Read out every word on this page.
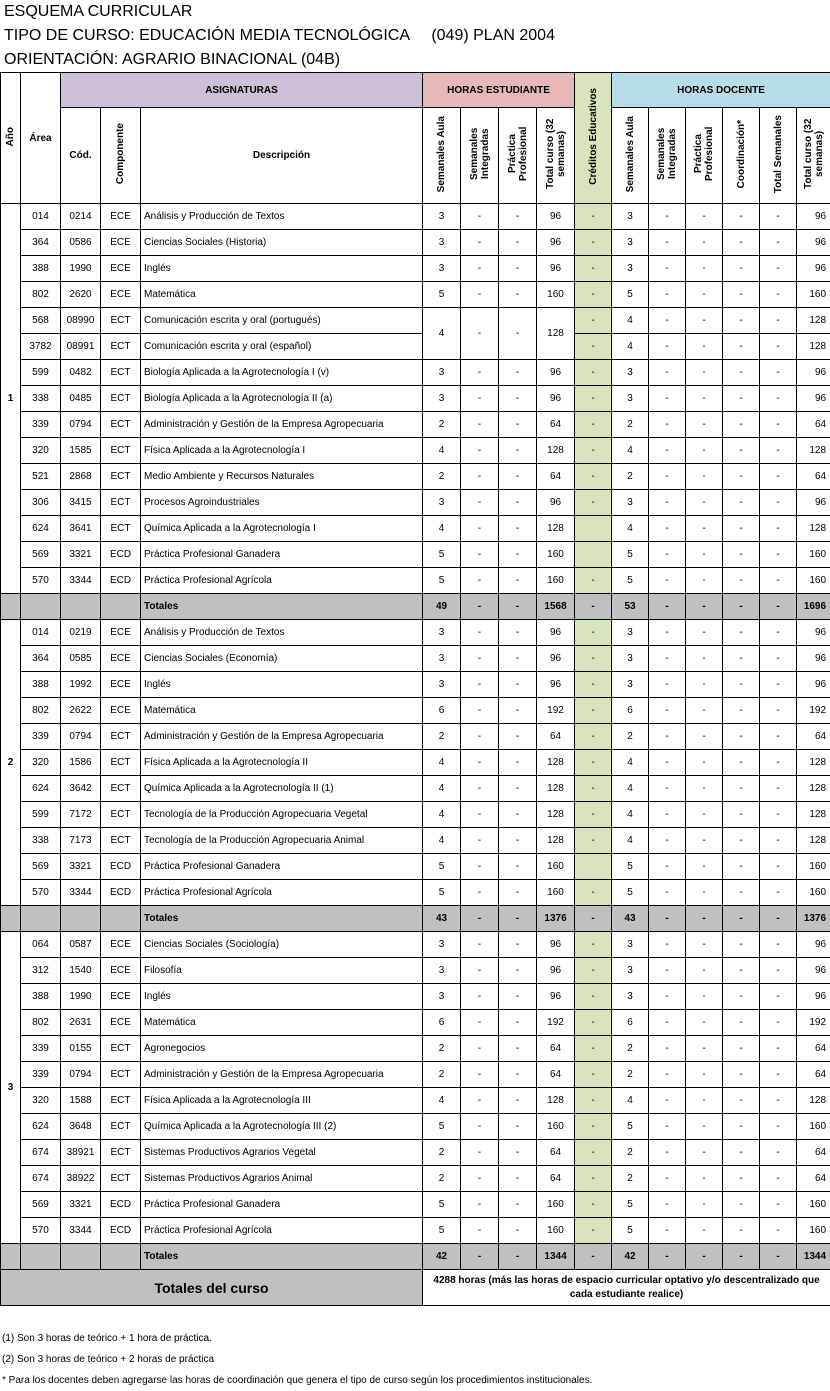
ESQUEMA CURRICULAR
TIPO DE CURSO: EDUCACIÓN MEDIA TECNOLÓGICA     (049) PLAN 2004
ORIENTACIÓN: AGRARIO BINACIONAL (04B)
Año	Área	ASIGNATURAS			HORAS ESTUDIANTE				Créditos Educativos	HORAS DOCENTE					
		Cód.	Componente	Descripción	Semanales Aula	Semanales Integradas	Práctica Profesional	Total curso (32 semanas)		Semanales Aula	Semanales Integradas	Práctica Profesional	Coordinación*	Total Semanales	Total curso (32 semanas)
1	014	0214	ECE	Análisis y Producción de Textos	3	-	-	96	-	3	-	-	-	-	96
	364	0586	ECE	Ciencias Sociales (Historia)	3	-	-	96	-	3	-	-	-	-	96
	388	1990	ECE	Inglés	3	-	-	96	-	3	-	-	-	-	96
	802	2620	ECE	Matemática	5	-	-	160	-	5	-	-	-	-	160
	568	08990	ECT	Comunicación escrita y oral (portugués)	4	-	-	128	-	4	-	-	-	-	128
	3782	08991	ECT	Comunicación escrita y oral (español)					-	4	-	-	-	-	128
	599	0482	ECT	Biología Aplicada a la Agrotecnología I (v)	3	-	-	96	-	3	-	-	-	-	96
	338	0485	ECT	Biología Aplicada a la Agrotecnología II (a)	3	-	-	96	-	3	-	-	-	-	96
	339	0794	ECT	Administración y Gestión de la Empresa Agropecuaria	2	-	-	64	-	2	-	-	-	-	64
	320	1585	ECT	Física Aplicada a la Agrotecnología I	4	-	-	128	-	4	-	-	-	-	128
	521	2868	ECT	Medio Ambiente y Recursos Naturales	2	-	-	64	-	2	-	-	-	-	64
	306	3415	ECT	Procesos Agroindustriales	3	-	-	96	-	3	-	-	-	-	96
	624	3641	ECT	Química Aplicada a la Agrotecnología I	4	-	-	128		4	-	-	-	-	128
	569	3321	ECD	Práctica Profesional Ganadera	5	-	-	160		5	-	-	-	-	160
	570	3344	ECD	Práctica Profesional Agrícola	5	-	-	160	-	5	-	-	-	-	160
				Totales	49	-	-	1568	-	53	-	-	-	-	1696
2	014	0219	ECE	Análisis y Producción de Textos	3	-	-	96	-	3	-	-	-	-	96
	364	0585	ECE	Ciencias Sociales (Economía)	3	-	-	96	-	3	-	-	-	-	96
	388	1992	ECE	Inglés	3	-	-	96	-	3	-	-	-	-	96
	802	2622	ECE	Matemática	6	-	-	192	-	6	-	-	-	-	192
	339	0794	ECT	Administración y Gestión de la Empresa Agropecuaria	2	-	-	64	-	2	-	-	-	-	64
	320	1586	ECT	Física Aplicada a la Agrotecnología II	4	-	-	128	-	4	-	-	-	-	128
	624	3642	ECT	Química Aplicada a la Agrotecnología II (1)	4	-	-	128	-	4	-	-	-	-	128
	599	7172	ECT	Tecnología de la Producción Agropecuaria Vegetal	4	-	-	128	-	4	-	-	-	-	128
	338	7173	ECT	Tecnología de la Producción Agropecuaria Animal	4	-	-	128	-	4	-	-	-	-	128
	569	3321	ECD	Práctica Profesional Ganadera	5	-	-	160		5	-	-	-	-	160
	570	3344	ECD	Práctica Profesional Agrícola	5	-	-	160	-	5	-	-	-	-	160
				Totales	43	-	-	1376	-	43	-	-	-	-	1376
3	064	0587	ECE	Ciencias Sociales (Sociología)	3	-	-	96	-	3	-	-	-	-	96
	312	1540	ECE	Filosofía	3	-	-	96	-	3	-	-	-	-	96
	388	1990	ECE	Inglés	3	-	-	96	-	3	-	-	-	-	96
	802	2631	ECE	Matemática	6	-	-	192	-	6	-	-	-	-	192
	339	0155	ECT	Agronegocios	2	-	-	64	-	2	-	-	-	-	64
	339	0794	ECT	Administración y Gestión de la Empresa Agropecuaria	2	-	-	64	-	2	-	-	-	-	64
	320	1588	ECT	Física Aplicada a la Agrotecnología III	4	-	-	128	-	4	-	-	-	-	128
	624	3648	ECT	Química Aplicada a la Agrotecnología III (2)	5	-	-	160	-	5	-	-	-	-	160
	674	38921	ECT	Sistemas Productivos Agrarios Vegetal	2	-	-	64	-	2	-	-	-	-	64
	674	38922	ECT	Sistemas Productivos Agrarios Animal	2	-	-	64	-	2	-	-	-	-	64
	569	3321	ECD	Práctica Profesional Ganadera	5	-	-	160	-	5	-	-	-	-	160
	570	3344	ECD	Práctica Profesional Agrícola	5	-	-	160	-	5	-	-	-	-	160
				Totales	42	-	-	1344	-	42	-	-	-	-	1344
Totales del curso					4288 horas (más las horas de espacio curricular optativo y/o descentralizado que cada estudiante realice)										
(1) Son 3 horas de teórico + 1 hora de práctica.
(2) Son 3 horas de teórico + 2 horas de práctica
* Para los docentes deben agregarse las horas de coordinación que genera el tipo de curso según los procedimientos institucionales.
